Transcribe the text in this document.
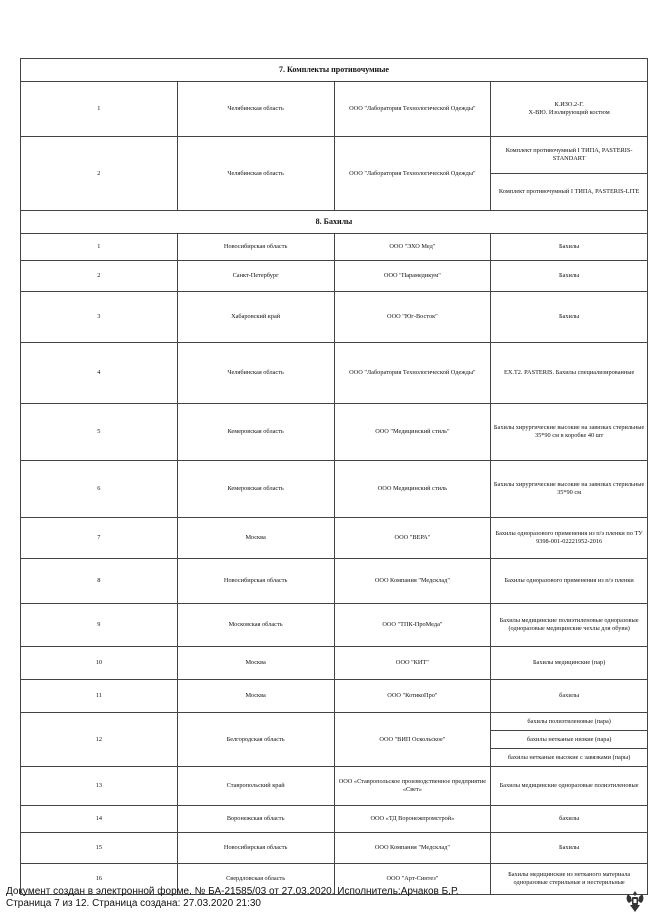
7. Комплекты противочумные			
1	Челябинская область	ООО "Лаборатория Технологической Одежды"	К.ИЗО.2-Г.
Х-ВЮ. Изолирующий костюм

2	Челябинская область	ООО "Лаборатория Технологической Одежды"	Комплект противочумный I ТИПА, PASTERIS-STANDART
			Комплект противочумный I ТИПА, PASTERIS-LITE
8. Бахилы			
1	Новосибирская область	ООО "ЭХО Мед"	Бахилы

2	Санкт-Петербург	ООО "Парамедикум"	Бахилы

3	Хабаровский край	ООО "Юг-Восток"	Бахилы

4	Челябинская область	ООО "Лаборатория Технологической Одежды"	EX.T2. PASTERIS. Бахилы специализированные

5	Кемеровская область	ООО "Медицинский стиль"	Бахилы хирургические высокие на завязках стерильные 35*90 см в коробке 40 шт

6	Кемеровская область	ООО Медицинский стиль	Бахилы хирургические высокие на завязках стерильные 35*90 см

7	Москва	ООО "ВЕРА"	Бахилы одноразового применения из п/э пленки по ТУ 9398-001-02221952-2016

8	Новосибирская область	ООО Компания "Медсклад"	Бахилы одноразового применения из п/э пленки

9	Московская область	ООО "ТПК-ПроМеда"	Бахилы медицинские полиэтиленовые одноразовые (одноразовые медицинские чехлы для обуви)

10	Москва	ООО "КИТ"	Бахилы медицинские (пар)

11	Москва	ООО "КотикоПро"	бахилы

12	Белгородская область	ООО "ВИП Оскольское"	бахилы полиэтиленовые (пара)
			бахилы нетканые низкие (пара)
			бахилы нетканые высокие с завязками (пары)
13	Ставропольский край	ООО «Ставропольское производственное предприятие «Свет»	Бахилы медицинские одноразовые полиэтиленовые

14	Воронежская область	ООО «ТД Воронежпромстрой»	бахилы

15	Новосибирская область	ООО Компания "Медсклад"	Бахилы

16	Свердловская область	ООО "Арт-Синтез"	Бахилы медицинские из нетканого материала одноразовые стерильные и нестерильные
Документ создан в электронной форме. № БА-21585/03 от 27.03.2020. Исполнитель:Арчаков Б.Р.
Страница 7 из 12. Страница создана: 27.03.2020 21:30
